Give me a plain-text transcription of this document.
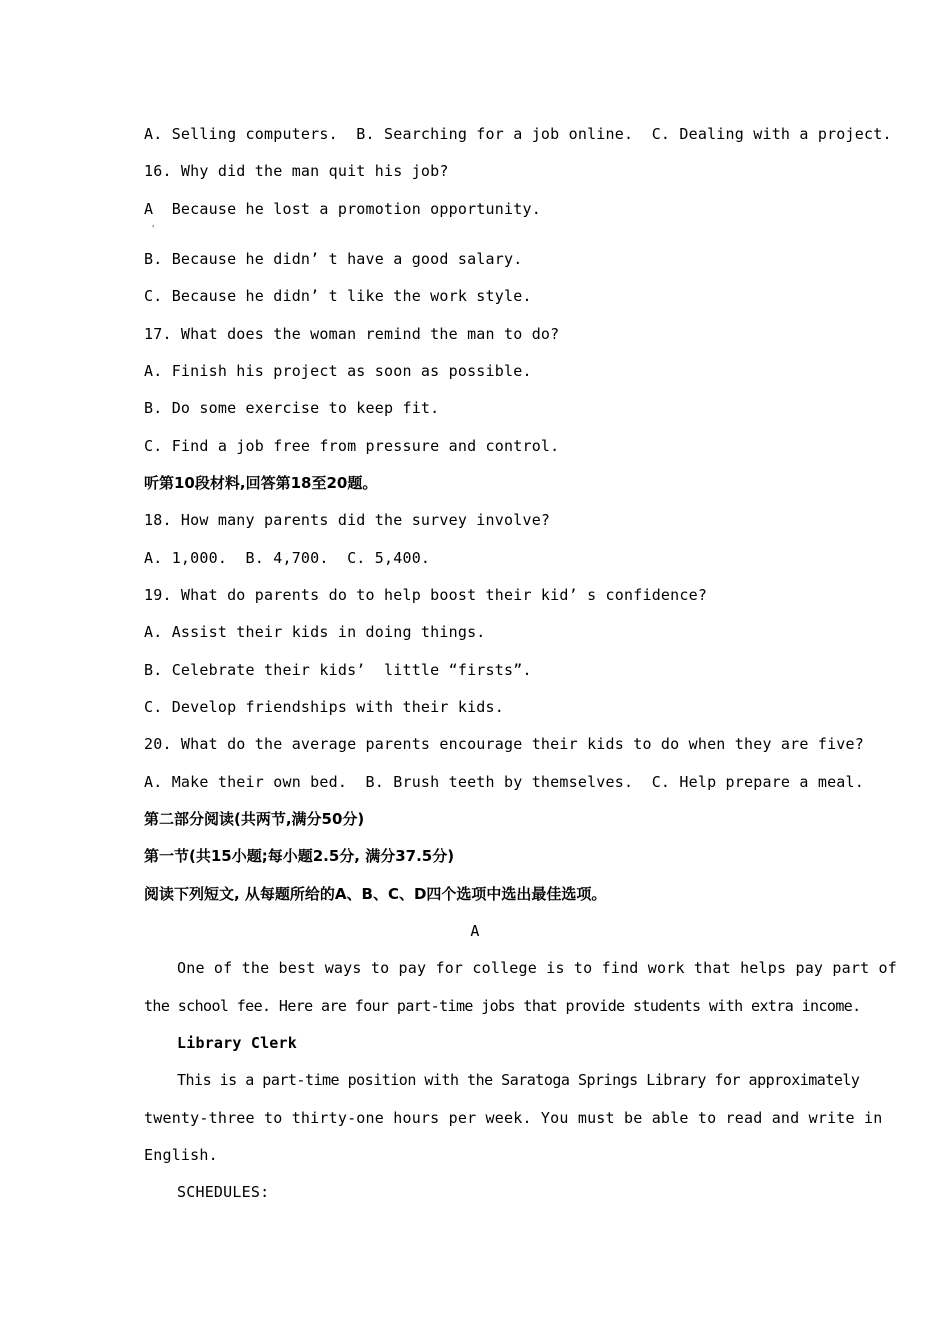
A. Selling computers.  B. Searching for a job online.  C. Dealing with a project.
16. Why did the man quit his job?
A  Because he lost a promotion opportunity.
'
B. Because he didn’ t have a good salary.
C. Because he didn’ t like the work style.
17. What does the woman remind the man to do?
A. Finish his project as soon as possible.
B. Do some exercise to keep fit.
C. Find a job free from pressure and control.
听第10段材料,回答第18至20题。
18. How many parents did the survey involve?
A. 1,000.  B. 4,700.  C. 5,400.
19. What do parents do to help boost their kid’ s confidence?
A. Assist their kids in doing things.
B. Celebrate their kids’  little “firsts”.
C. Develop friendships with their kids.
20. What do the average parents encourage their kids to do when they are five?
A. Make their own bed.  B. Brush teeth by themselves.  C. Help prepare a meal.
第二部分阅读(共两节,满分50分)
第一节(共15小题;每小题2.5分, 满分37.5分)
阅读下列短文, 从每题所给的A、B、C、D四个选项中选出最佳选项。
A
One of the best ways to pay for college is to find work that helps pay part of
the school fee. Here are four part-time jobs that provide students with extra income.
Library Clerk
This is a part-time position with the Saratoga Springs Library for approximately
twenty-three to thirty-one hours per week. You must be able to read and write in
English.
SCHEDULES:
